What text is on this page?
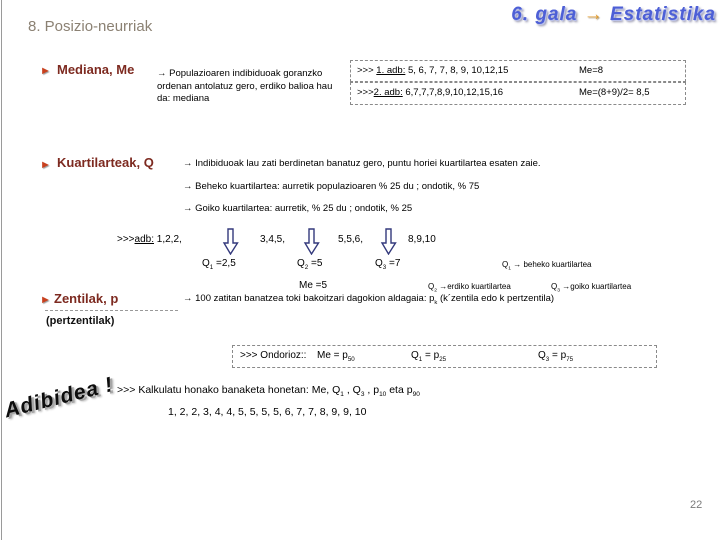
8. Posizio-neurriak
6. gala → Estatistika
► Mediana, Me → Populazioaren indibiduoak goranzko ordenan antolatuz gero, erdiko balioa hau da: mediana
>>> 1. adb: 5, 6, 7, 7, 8, 9, 10,12,15	Me=8
>>>2. adb: 6,7,7,7,8,9,10,12,15,16	Me=(8+9)/2= 8,5
► Kuartilarteak, Q	→ Indibiduoak lau zati berdinetan banatuz gero, puntu horiei kuartilartea esaten zaie.
→ Beheko kuartilartea: aurretik populazioaren % 25 du ; ondotik, % 75
→ Goiko kuartilartea: aurretik, % 25 du ; ondotik, % 25
>>>adb: 1,2,2,	3,4,5,	5,5,6,	8,9,10
$Q_1 =2,5$	$Q_2 =5$	$Q_3 =7$	$Q_1$ → beheko kuartilartea
Me =5	$Q_2$ →erdiko kuartilartea	$Q_3$ →goiko kuartilartea
► Zentilak, p
(pertzentilak)
→ 100 zatitan banatzea toki bakoitzari dagokion aldagaia: $p_k$ (k´zentila edo k pertzentila)
>>> Ondorioz:: $Me = p_{50}$	$Q_1 = p_{25}$	$Q_3 = p_{75}$
>>> Kalkulatu honako banaketa honetan: Me, $Q_1$ , $Q_3$ , $p_{10}$ eta $p_{90}$
1, 2, 2, 3, 4, 4, 5, 5, 5, 5, 6, 7, 7, 8, 9, 9, 10
Adibidea !
22
